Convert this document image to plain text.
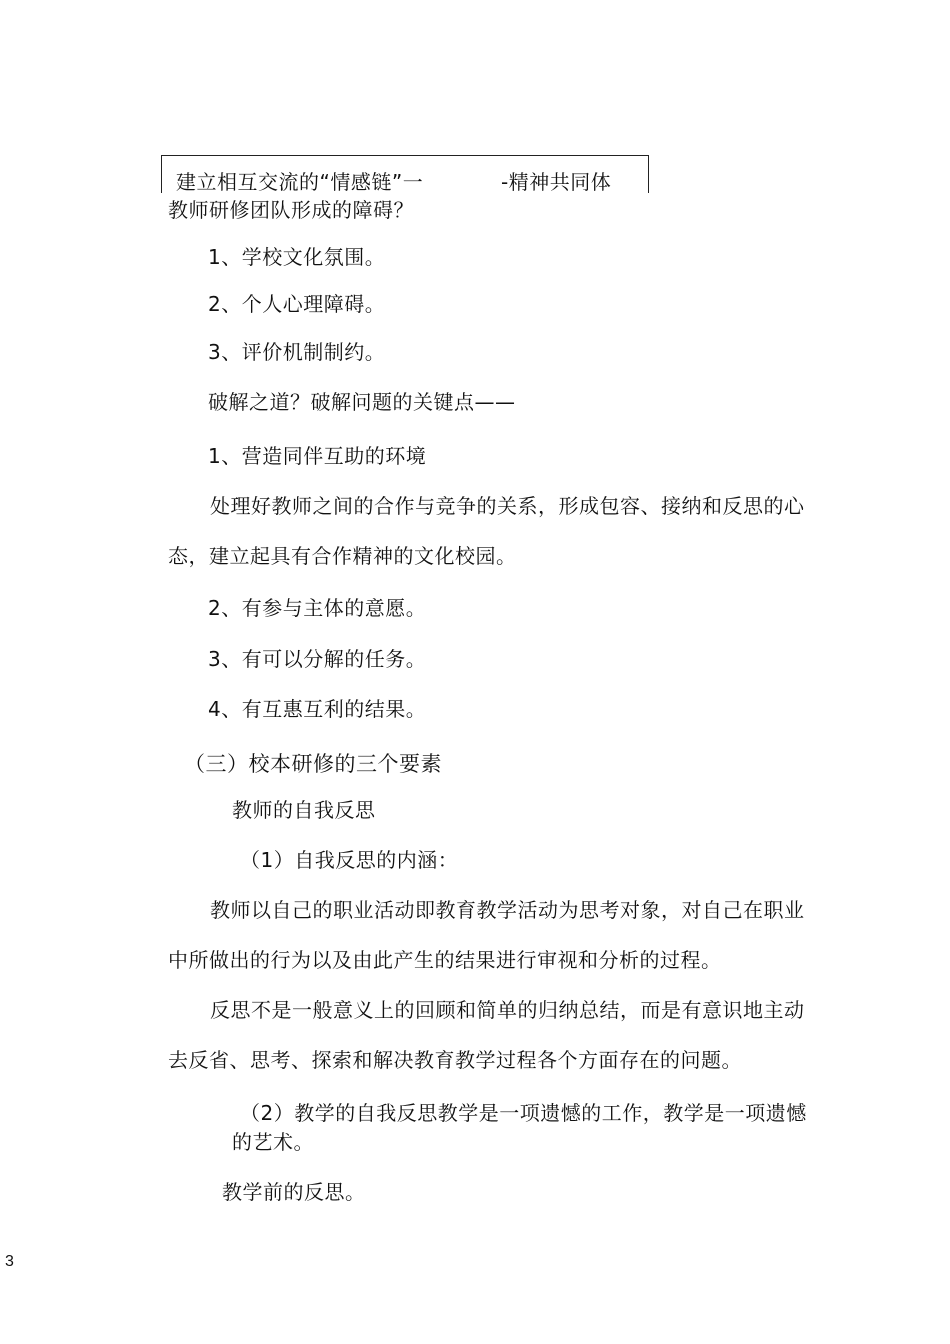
建立相互交流的“情感链”一	-精神共同体
教师研修团队形成的障碍？
1、学校文化氛围。
2、个人心理障碍。
3、评价机制制约。
破解之道？破解问题的关键点——
1、营造同伴互助的环境
处理好教师之间的合作与竞争的关系，形成包容、接纳和反思的心
态，建立起具有合作精神的文化校园。
2、有参与主体的意愿。
3、有可以分解的任务。
4、有互惠互利的结果。
（三）校本研修的三个要素
教师的自我反思
（1）自我反思的内涵：
教师以自己的职业活动即教育教学活动为思考对象，对自己在职业
中所做出的行为以及由此产生的结果进行审视和分析的过程。
反思不是一般意义上的回顾和简单的归纳总结，而是有意识地主动
去反省、思考、探索和解决教育教学过程各个方面存在的问题。
（2）教学的自我反思教学是一项遗憾的工作，教学是一项遗憾
的艺术。
教学前的反思。
3
